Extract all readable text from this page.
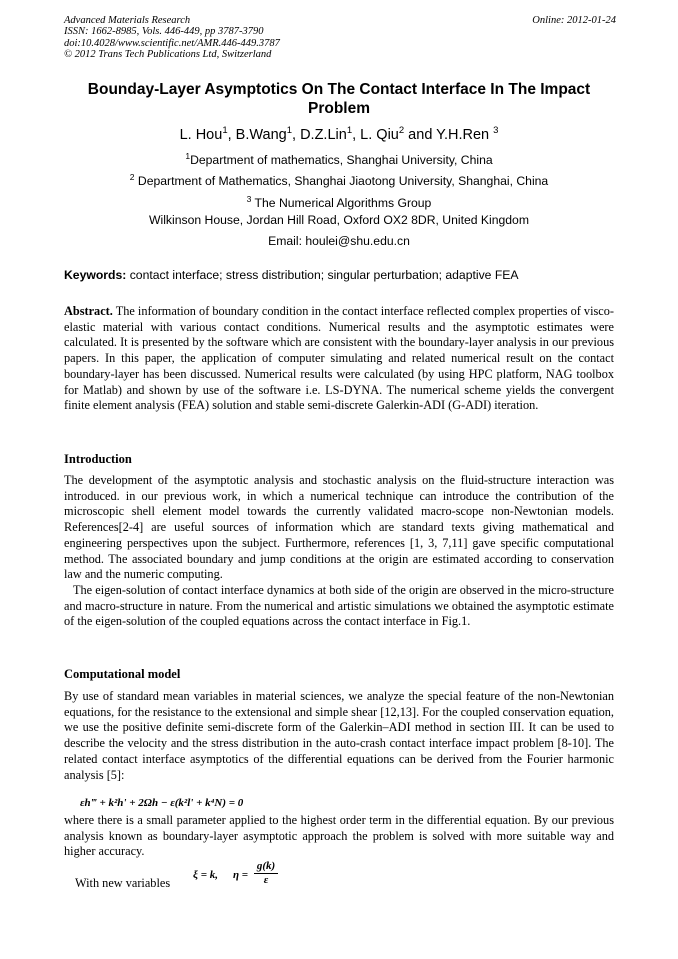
Advanced Materials Research
ISSN: 1662-8985, Vols. 446-449, pp 3787-3790
doi:10.4028/www.scientific.net/AMR.446-449.3787
© 2012 Trans Tech Publications Ltd, Switzerland
Online: 2012-01-24
Bounday-Layer Asymptotics On The Contact Interface In The Impact Problem
L. Hou$^1$, B.Wang$^1$, D.Z.Lin$^1$, L. Qiu$^2$ and Y.H.Ren $^3$
$^1$Department of mathematics, Shanghai University, China
$^2$ Department of Mathematics, Shanghai Jiaotong University, Shanghai, China
$^3$ The Numerical Algorithms Group
Wilkinson House, Jordan Hill Road, Oxford OX2 8DR, United Kingdom
Email: houlei@shu.edu.cn
Keywords: contact interface; stress distribution; singular perturbation; adaptive FEA
Abstract. The information of boundary condition in the contact interface reflected complex properties of visco-elastic material with various contact conditions. Numerical results and the asymptotic estimates were calculated. It is presented by the software which are consistent with the boundary-layer analysis in our previous papers. In this paper, the application of computer simulating and related numerical result on the contact boundary-layer has been discussed. Numerical results were calculated (by using HPC platform, NAG toolbox for Matlab) and shown by use of the software i.e. LS-DYNA. The numerical scheme yields the convergent finite element analysis (FEA) solution and stable semi-discrete Galerkin-ADI (G-ADI) iteration.
Introduction
The development of the asymptotic analysis and stochastic analysis on the fluid-structure interaction was introduced. in our previous work, in which a numerical technique can introduce the contribution of the microscopic shell element model towards the currently validated macro-scope non-Newtonian models. References[2-4] are useful sources of information which are standard texts giving mathematical and engineering perspectives upon the subject. Furthermore, references [1, 3, 7,11] gave specific computational method. The associated boundary and jump conditions at the origin are estimated according to conservation law and the numeric computing.
The eigen-solution of contact interface dynamics at both side of the origin are observed in the micro-structure and macro-structure in nature. From the numerical and artistic simulations we obtained the asymptotic estimate of the eigen-solution of the coupled equations across the contact interface in Fig.1.
Computational model
By use of standard mean variables in material sciences, we analyze the special feature of the non-Newtonian equations, for the resistance to the extensional and simple shear [12,13]. For the coupled conservation equation, we use the positive definite semi-discrete form of the Galerkin–ADI method in section III. It can be used to describe the velocity and the stress distribution in the auto-crash contact interface impact problem [8-10]. The related contact interface asymptotics of the differential equations can be derived from the Fourier harmonic analysis [5]:
εh‴ + k²h' + 2Ωh − ε(k²l' + k⁴N) = 0
where there is a small parameter applied to the highest order term in the differential equation. By our previous analysis known as boundary-layer asymptotic approach the problem is solved with more suitable way and higher accuracy.
With new variables
ξ = k, η =
g(k)
ε
